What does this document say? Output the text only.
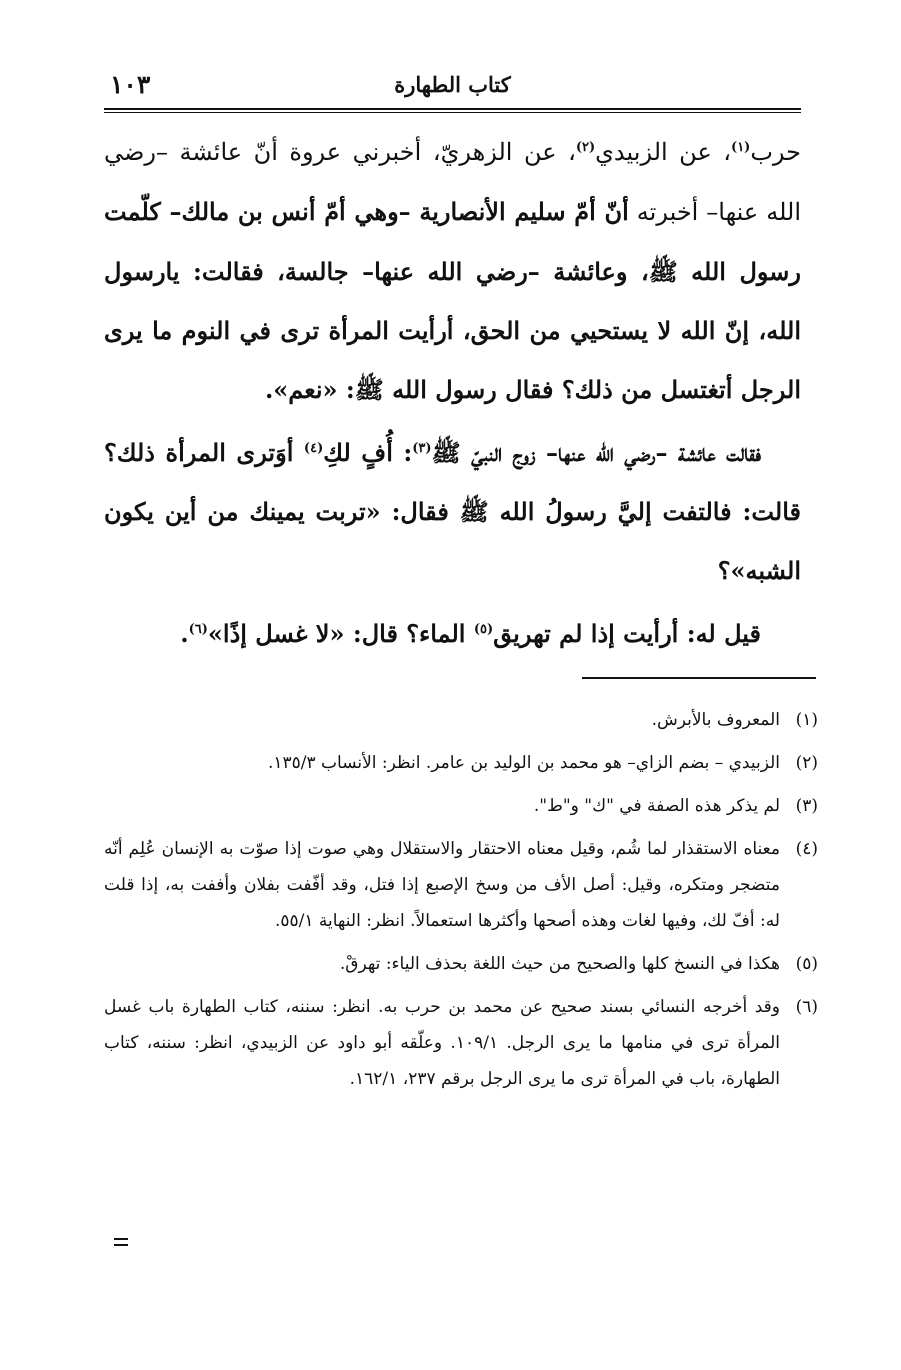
كتاب الطهارة
١٠٣

حرب$^{(١)}$، عن الزبيدي$^{(٢)}$، عن الزهريّ، أخبرني عروة أنّ عائشة –رضي الله عنها– أخبرته أنّ أمّ سليم الأنصارية –وهي أمّ أنس بن مالك– كلّمت رسول الله ﷺ، وعائشة –رضي الله عنها– جالسة، فقالت: يارسول الله، إنّ الله لا يستحيي من الحق، أرأيت المرأة ترى في النوم ما يرى الرجل أتغتسل من ذلك؟ فقال رسول الله ﷺ: «نعم».

فقالت عائشة –رضي الله عنها– زوج النبيّ ﷺ$^{(٣)}$: أُفٍ لكِ$^{(٤)}$ أوَترى المرأة ذلك؟ قالت: فالتفت إليَّ رسولُ الله ﷺ فقال: «تربت يمينك من أين يكون الشبه»؟

قيل له: أرأيت إذا لم تهريق$^{(٥)}$ الماء؟ قال: «لا غسل إذًا»$^{(٦)}$.

(١)
المعروف بالأبرش.

(٢)
الزبيدي – بضم الزاي– هو محمد بن الوليد بن عامر. انظر: الأنساب ١٣٥/٣.

(٣)
لم يذكر هذه الصفة في "ك" و"ط".

(٤)
معناه الاستقذار لما شُم، وقيل معناه الاحتقار والاستقلال وهي صوت إذا صوّت به الإنسان عُلِم أنّه متضجر ومتكره، وقيل: أصل الأف من وسخ الإصبع إذا فتل، وقد أفّفت بفلان وأففت به، إذا قلت له: أفّ لك، وفيها لغات وهذه أصحها وأكثرها استعمالاً. انظر: النهاية ٥٥/١.

(٥)
هكذا في النسخ كلها والصحيح من حيث اللغة بحذف الياء: تهرقْ.

(٦)
وقد أخرجه النسائي بسند صحيح عن محمد بن حرب به. انظر: سننه، كتاب الطهارة باب غسل المرأة ترى في منامها ما يرى الرجل. ١٠٩/١. وعلّقه أبو داود عن الزبيدي، انظر: سننه، كتاب الطهارة، باب في المرأة ترى ما يرى الرجل برقم ٢٣٧، ١٦٢/١.
